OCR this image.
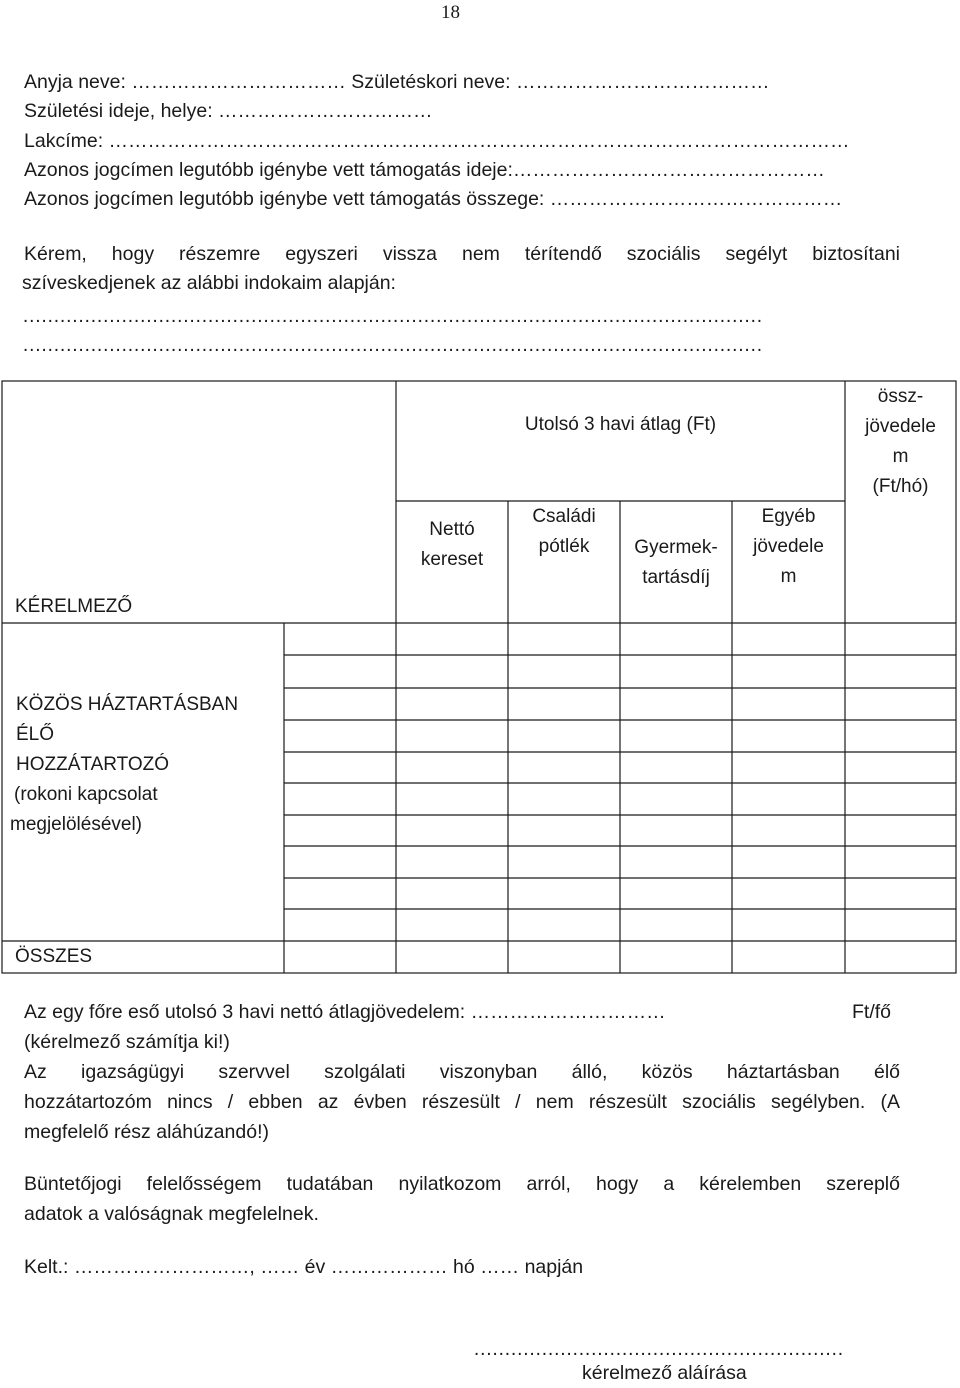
18
Anyja neve: …………………………… Születéskori neve: …………………………………
Születési ideje, helye: ……………………………
Lakcíme: ……………………………………………………………………………………………………
Azonos jogcímen legutóbb igénybe vett támogatás ideje:…………………………………………
Azonos jogcímen legutóbb igénybe vett támogatás összege: ………………………………………
Kérem, hogy részemre egyszeri vissza nem térítendő szociális segélyt biztosítani
szíveskedjenek az alábbi indokaim alapján:
…………………………………………………………………………………………………………
…………………………………………………………………………………………………………
Utolsó 3 havi átlag (Ft)
Nettó
kereset
Családi
pótlék	Gyermek-
tartásdíj
Egyéb
jövedele
m
össz-
jövedele
m
(Ft/hó)
KÉRELMEZŐ
KÖZÖS HÁZTARTÁSBAN
ÉLŐ
HOZZÁTARTOZÓ
(rokoni kapcsolat
megjelölésével)
ÖSSZES
Az egy főre eső utolsó 3 havi nettó átlagjövedelem: …………………………	Ft/fő
(kérelmező számítja ki!)
Az igazságügyi szervvel szolgálati viszonyban álló, közös háztartásban élő
hozzátartozóm nincs / ebben az évben részesült / nem részesült szociális segélyben. (A
megfelelő rész aláhúzandó!)
Büntetőjogi felelősségem tudatában nyilatkozom arról, hogy a kérelemben szereplő
adatok a valóságnak megfelelnek.
Kelt.: ………………………, …… év ……………… hó …… napján
……………………………………………………
kérelmező aláírása
